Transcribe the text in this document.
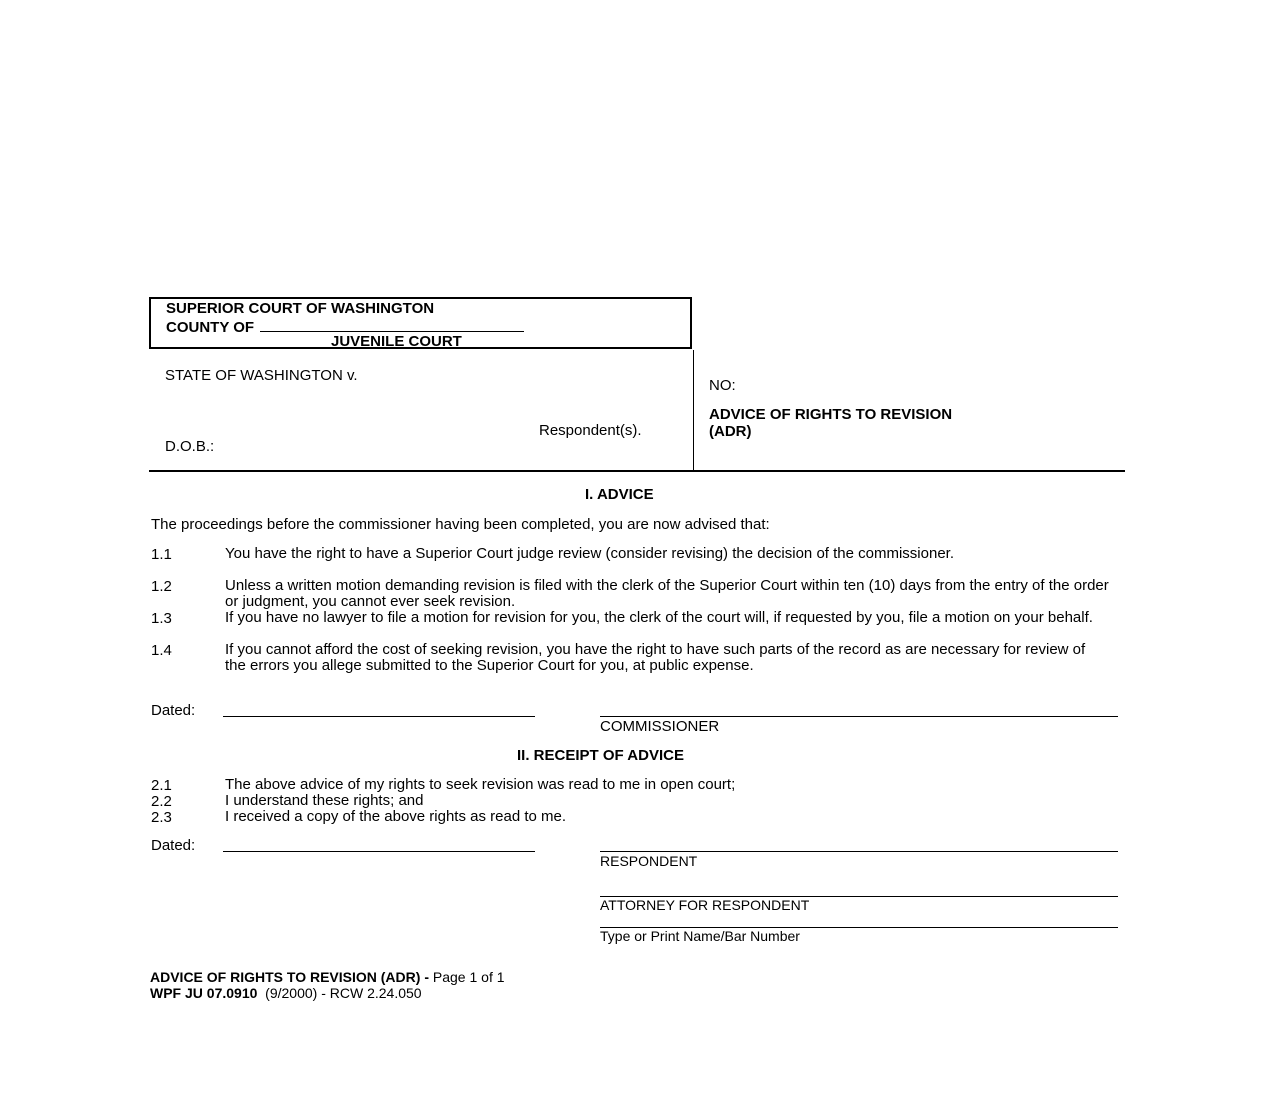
SUPERIOR COURT OF WASHINGTON
COUNTY OF
JUVENILE COURT
STATE OF WASHINGTON v.
Respondent(s).
D.O.B.:
NO:
ADVICE OF RIGHTS TO REVISION
(ADR)
I. ADVICE
The proceedings before the commissioner having been completed, you are now advised that:
1.1	You have the right to have a Superior Court judge review (consider revising) the decision of the commissioner.
1.2	Unless a written motion demanding revision is filed with the clerk of the Superior Court within ten (10) days from the entry of the order or judgment, you cannot ever seek revision.
1.3	If you have no lawyer to file a motion for revision for you, the clerk of the court will, if requested by you, file a motion on your behalf.
1.4	If you cannot afford the cost of seeking revision, you have the right to have such parts of the record as are necessary for review of the errors you allege submitted to the Superior Court for you, at public expense.
Dated:
COMMISSIONER
II. RECEIPT OF ADVICE
2.1	The above advice of my rights to seek revision was read to me in open court;
2.2	I understand these rights; and
2.3	I received a copy of the above rights as read to me.
Dated:
RESPONDENT
ATTORNEY FOR RESPONDENT
Type or Print Name/Bar Number
ADVICE OF RIGHTS TO REVISION (ADR) - Page 1 of 1
WPF JU 07.0910  (9/2000) - RCW 2.24.050
